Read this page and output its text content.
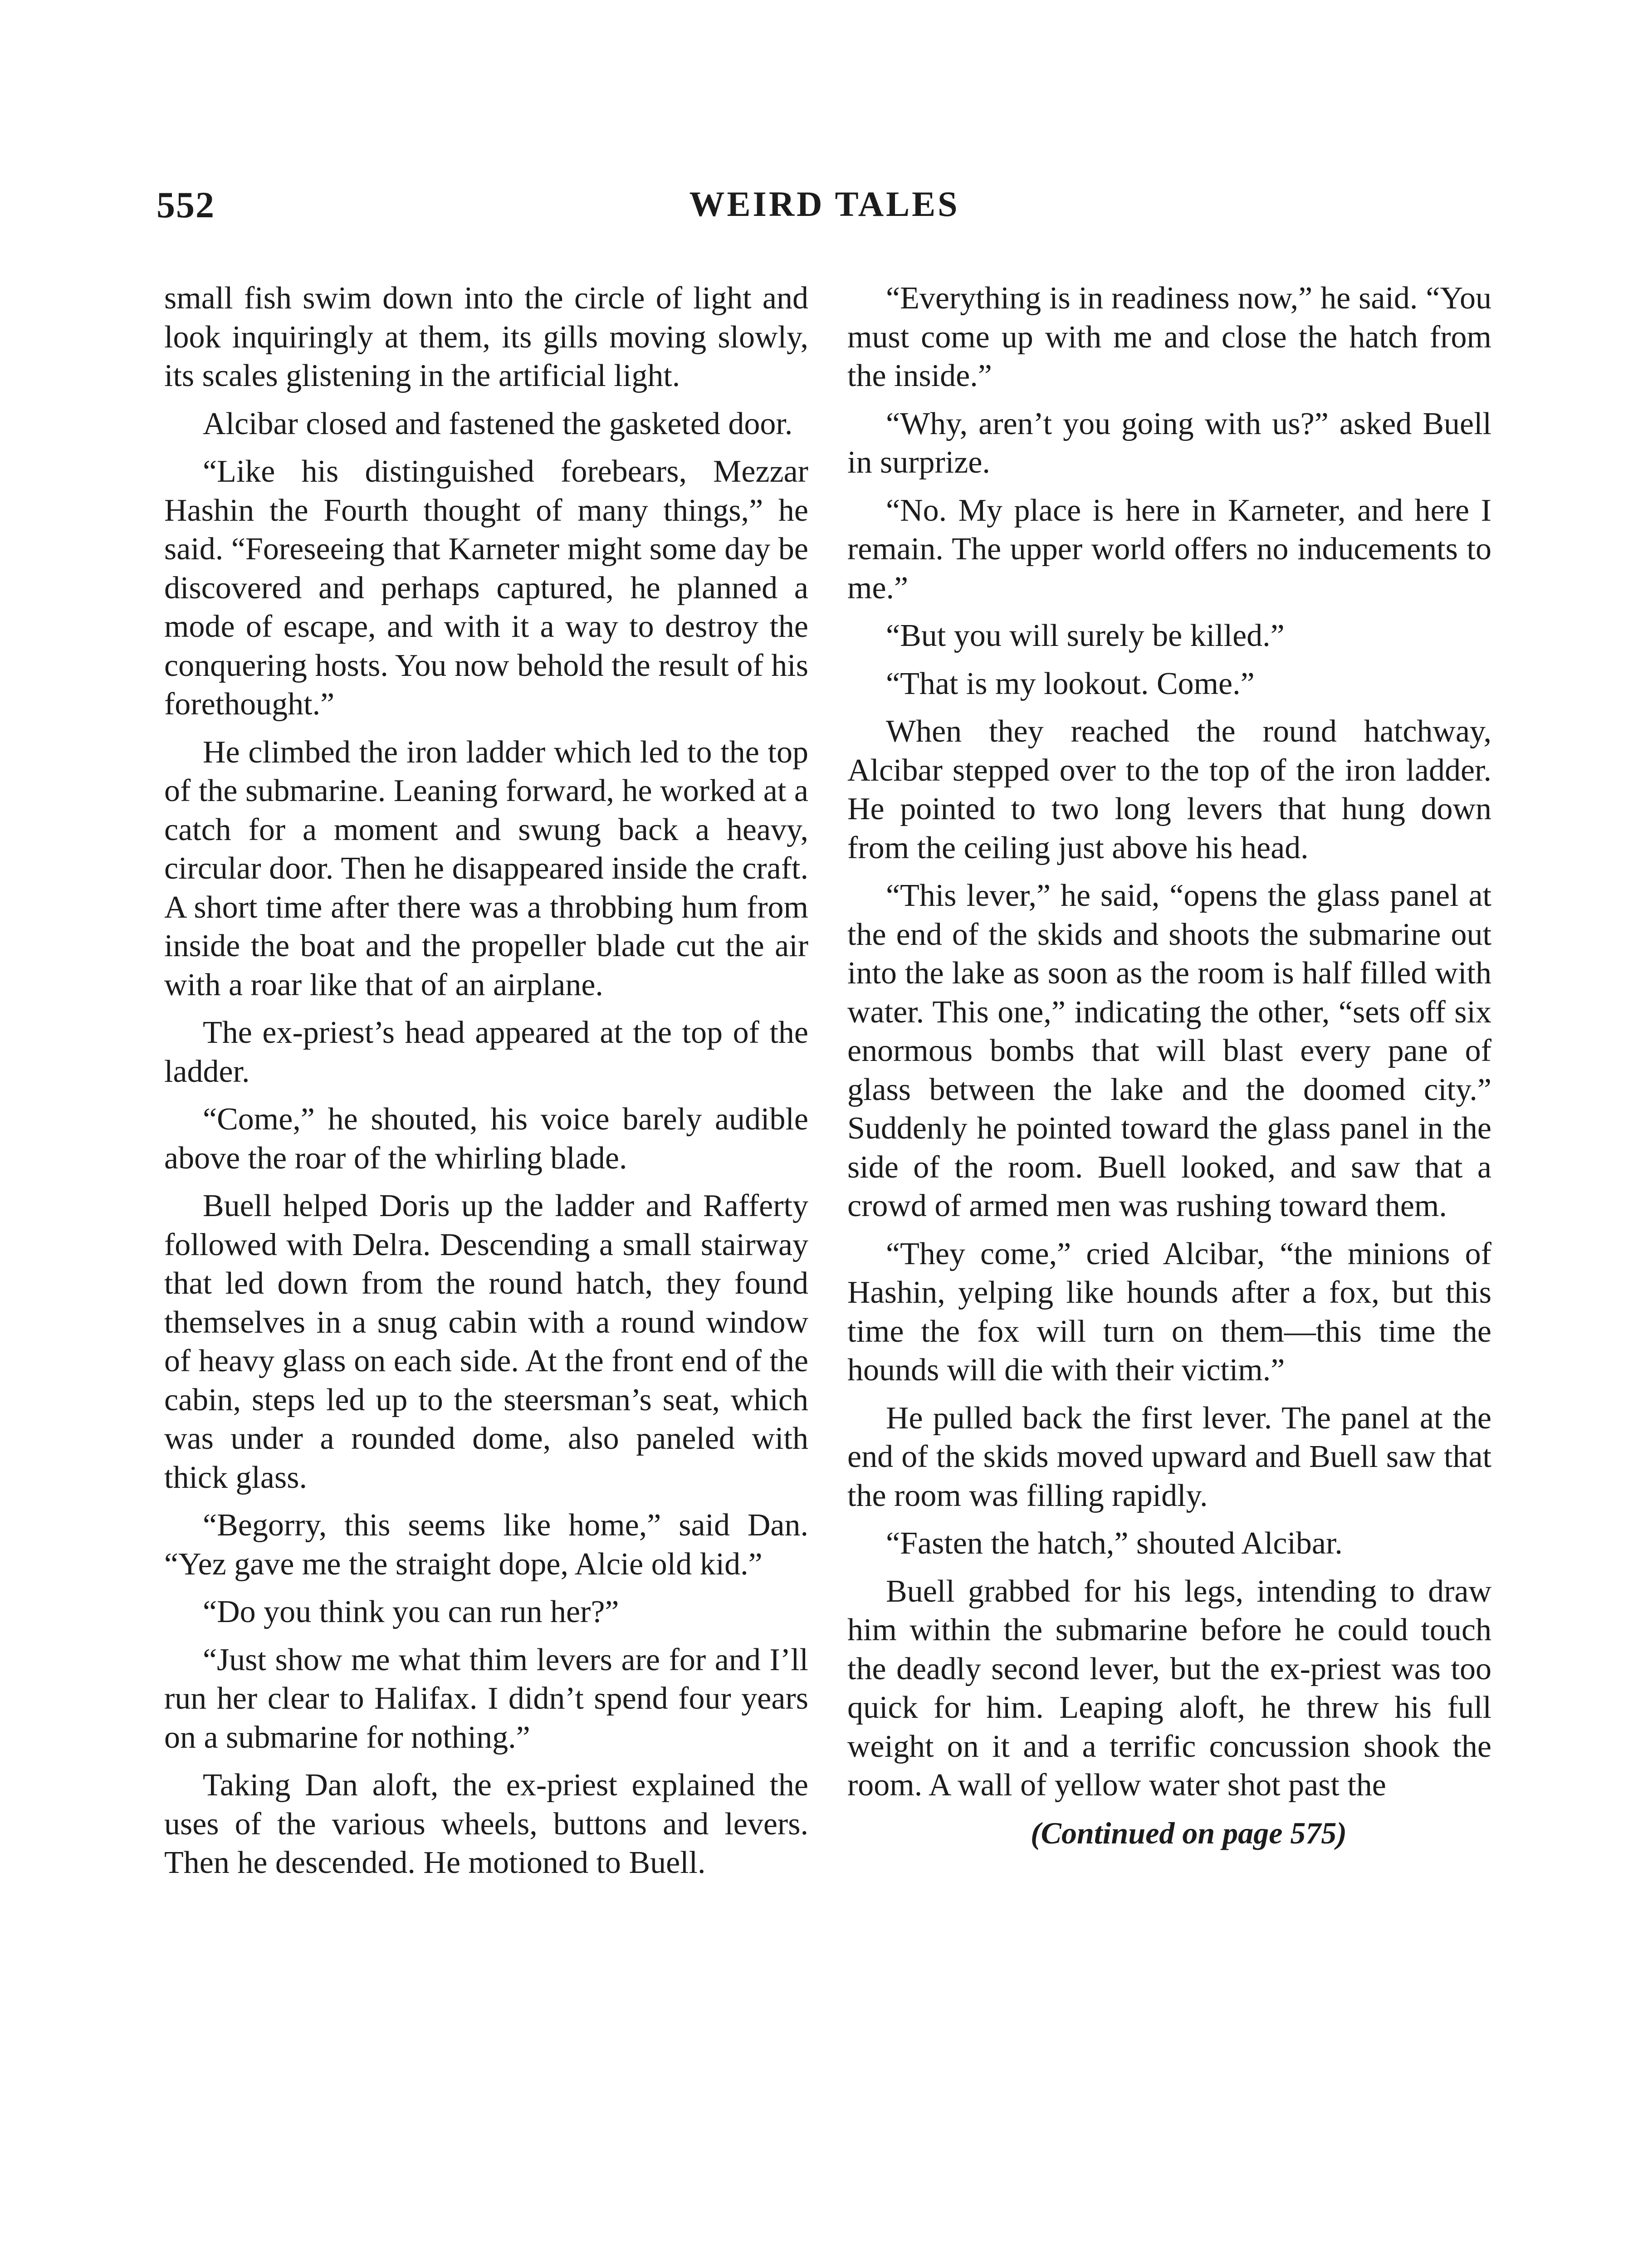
552	WEIRD TALES

small fish swim down into the circle of light and look inquiringly at them, its gills moving slowly, its scales glistening in the artificial light.

Alcibar closed and fastened the gasketed door.

“Like his distinguished forebears, Mezzar Hashin the Fourth thought of many things,” he said. “Foreseeing that Karneter might some day be discovered and perhaps captured, he planned a mode of escape, and with it a way to destroy the conquering hosts. You now behold the result of his forethought.”

He climbed the iron ladder which led to the top of the submarine. Leaning forward, he worked at a catch for a moment and swung back a heavy, circular door. Then he disappeared inside the craft. A short time after there was a throbbing hum from inside the boat and the propeller blade cut the air with a roar like that of an airplane.

The ex-priest’s head appeared at the top of the ladder.

“Come,” he shouted, his voice barely audible above the roar of the whirling blade.

Buell helped Doris up the ladder and Rafferty followed with Delra. Descending a small stairway that led down from the round hatch, they found themselves in a snug cabin with a round window of heavy glass on each side. At the front end of the cabin, steps led up to the steersman’s seat, which was under a rounded dome, also paneled with thick glass.

“Begorry, this seems like home,” said Dan. “Yez gave me the straight dope, Alcie old kid.”

“Do you think you can run her?”

“Just show me what thim levers are for and I’ll run her clear to Halifax. I didn’t spend four years on a submarine for nothing.”

Taking Dan aloft, the ex-priest explained the uses of the various wheels, buttons and levers. Then he descended. He motioned to Buell.

“Everything is in readiness now,” he said. “You must come up with me and close the hatch from the inside.”

“Why, aren’t you going with us?” asked Buell in surprize.

“No. My place is here in Karneter, and here I remain. The upper world offers no inducements to me.”

“But you will surely be killed.”

“That is my lookout. Come.”

When they reached the round hatchway, Alcibar stepped over to the top of the iron ladder. He pointed to two long levers that hung down from the ceiling just above his head.

“This lever,” he said, “opens the glass panel at the end of the skids and shoots the submarine out into the lake as soon as the room is half filled with water. This one,” indicating the other, “sets off six enormous bombs that will blast every pane of glass between the lake and the doomed city.” Suddenly he pointed toward the glass panel in the side of the room. Buell looked, and saw that a crowd of armed men was rushing toward them.

“They come,” cried Alcibar, “the minions of Hashin, yelping like hounds after a fox, but this time the fox will turn on them—this time the hounds will die with their victim.”

He pulled back the first lever. The panel at the end of the skids moved upward and Buell saw that the room was filling rapidly.

“Fasten the hatch,” shouted Alcibar.

Buell grabbed for his legs, intending to draw him within the submarine before he could touch the deadly second lever, but the ex-priest was too quick for him. Leaping aloft, he threw his full weight on it and a terrific concussion shook the room. A wall of yellow water shot past the

(Continued on page 575)
